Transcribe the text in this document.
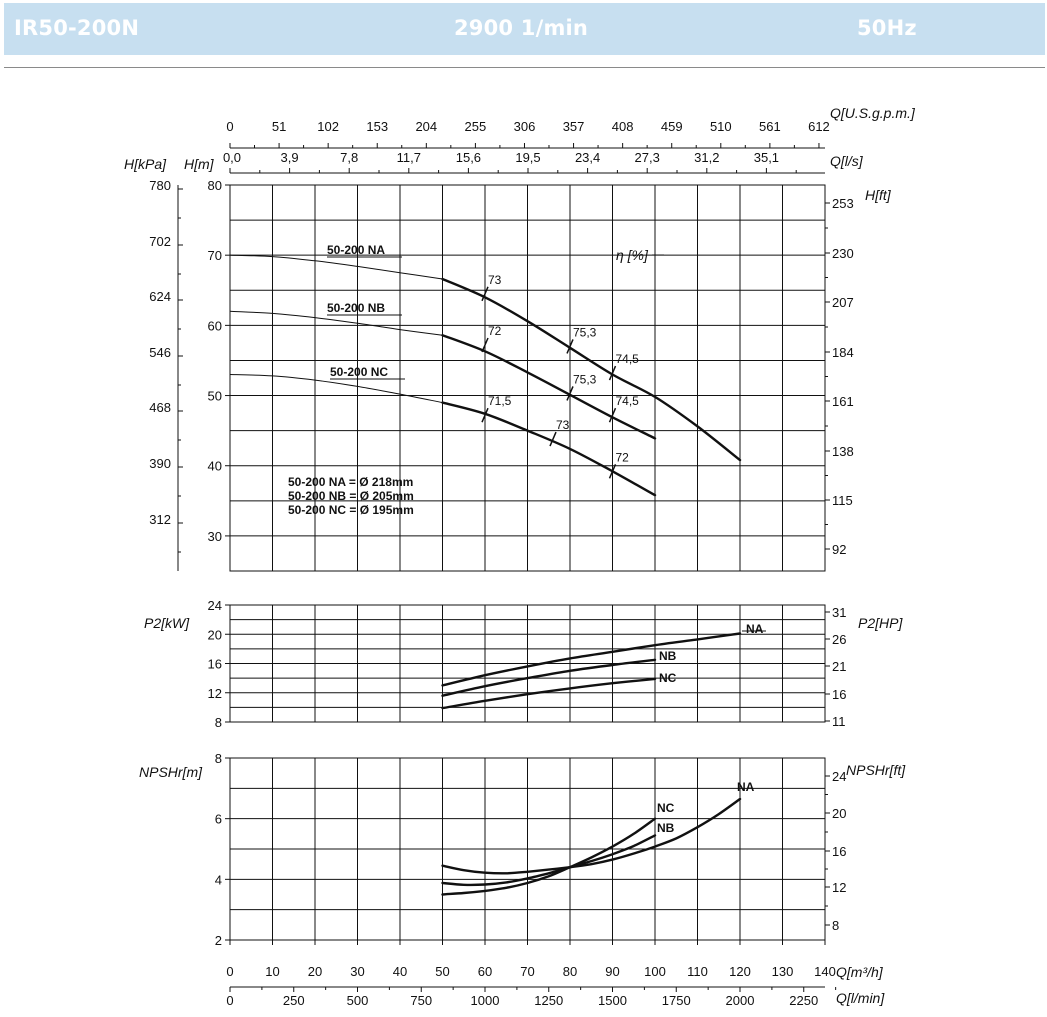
IR50-200N	2900 1/min	50Hz
30
40
50
60
70
80
780
702
624
546
468
390
312
H[kPa] H[m]
253
230
207
184
161
138
115
92
H[ft]
0	51 102 153 204 255 306 357 408 459 510 561 612
Q[U.S.g.p.m.]
0,0	3,9	7,8	11,7	15,6	19,5	23,4	27,3	31,2	35,1	Q[l/s]
50-200 NA
50-200 NB
50-200 NC
73
75,3
74,5
72
75,3
74,5
71,5
73
72
η [%]
50-200 NA = Ø 218mm
50-200 NB = Ø 205mm
50-200 NC = Ø 195mm
8
12
16
20
24
P2[kW]
31
26
21
16
11
P2[HP]
NA
NB
NC
2
4
6
8
NPSHr[m]	24
20
16
12
8
NPSHr[ft]
NA
NB
NC
0 10 20 30 40 50 60 70 80 90 100 110 120 130 140 Q[m³/h]
0	250	500	750	1000	1250	1500	1750	2000	2250 Q[l/min]
